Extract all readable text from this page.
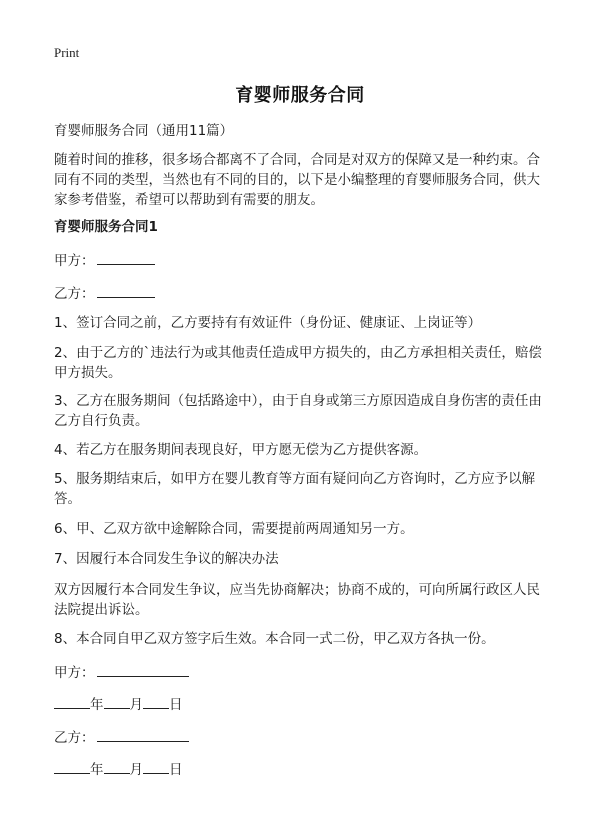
Print
育婴师服务合同
育婴师服务合同（通用11篇）
随着时间的推移，很多场合都离不了合同，合同是对双方的保障又是一种约束。合同有不同的类型，当然也有不同的目的，以下是小编整理的育婴师服务合同，供大家参考借鉴，希望可以帮助到有需要的朋友。
育婴师服务合同1
甲方：
乙方：
1、签订合同之前，乙方要持有有效证件（身份证、健康证、上岗证等）
2、由于乙方的`违法行为或其他责任造成甲方损失的，由乙方承担相关责任，赔偿甲方损失。
3、乙方在服务期间（包括路途中），由于自身或第三方原因造成自身伤害的责任由乙方自行负责。
4、若乙方在服务期间表现良好，甲方愿无偿为乙方提供客源。
5、服务期结束后，如甲方在婴儿教育等方面有疑问向乙方咨询时，乙方应予以解答。
6、甲、乙双方欲中途解除合同，需要提前两周通知另一方。
7、因履行本合同发生争议的解决办法
双方因履行本合同发生争议，应当先协商解决；协商不成的，可向所属行政区人民法院提出诉讼。
8、本合同自甲乙双方签字后生效。本合同一式二份，甲乙双方各执一份。
甲方：
年 月 日
乙方：
年 月 日
